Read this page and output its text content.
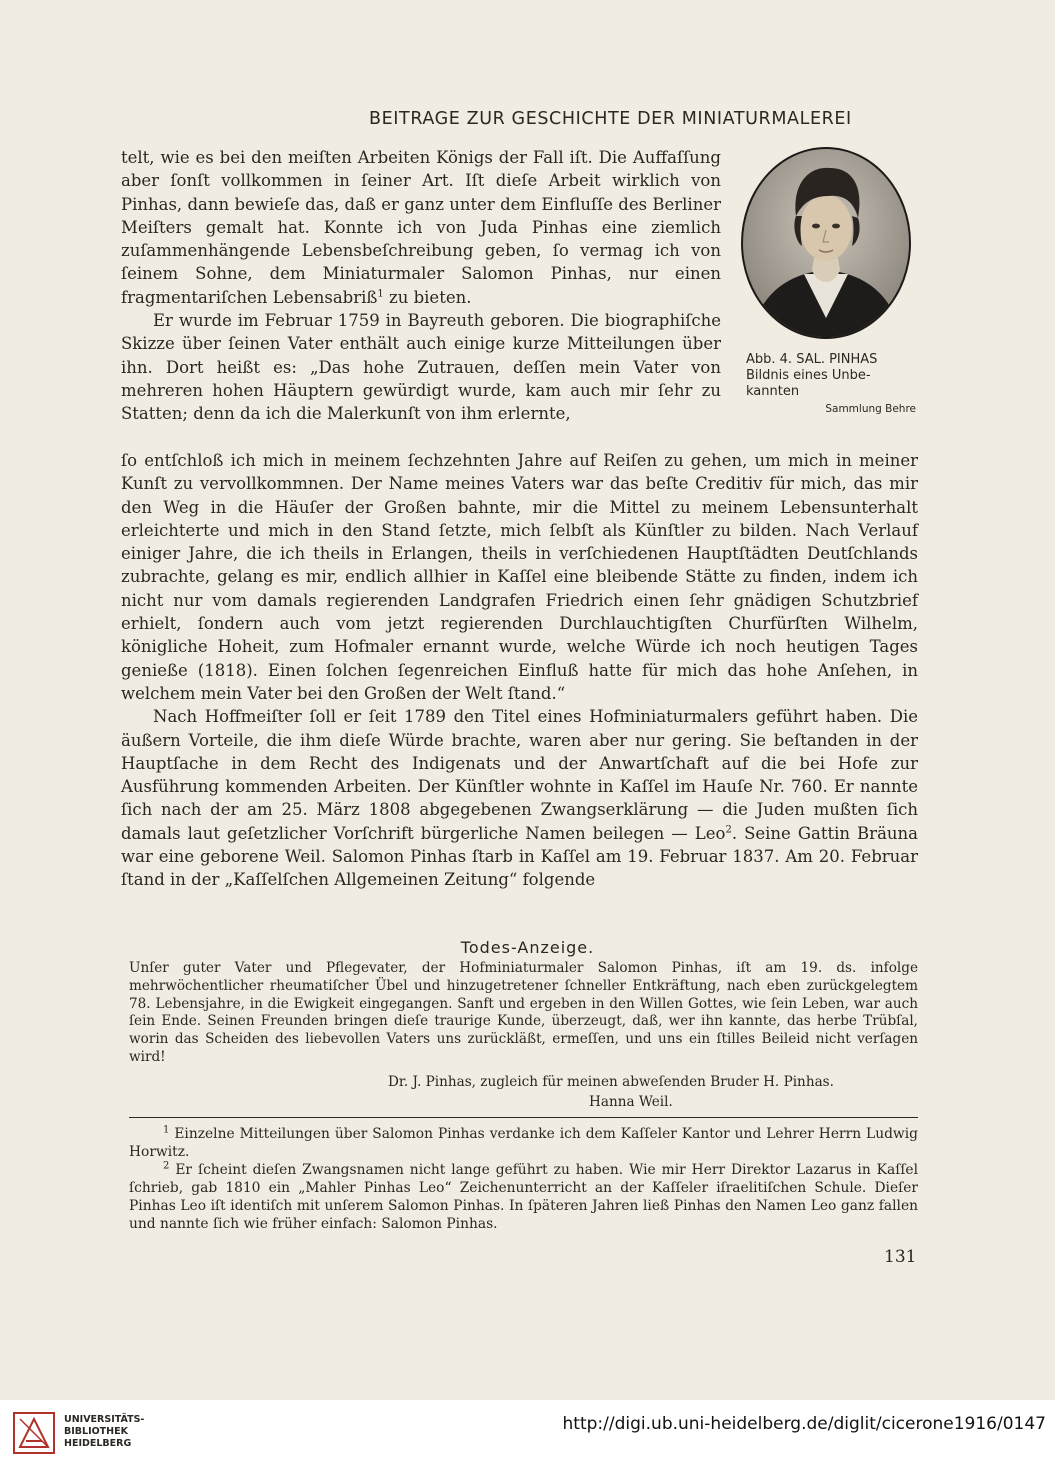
BEITRAGE ZUR GESCHICHTE DER MINIATURMALEREI
Abb. 4. SAL. PINHAS
Bildnis eines Unbe-
kannten
Sammlung Behre

telt, wie es bei den meiſten Arbeiten Königs der Fall iſt. Die Auffaſſung aber ſonſt vollkommen in ſeiner Art. Iſt dieſe Arbeit wirklich von Pinhas, dann bewieſe das, daß er ganz unter dem Einfluſſe des Berliner Meiſters gemalt hat. Konnte ich von Juda Pinhas eine ziemlich zuſammenhängende Lebensbeſchreibung geben, ſo vermag ich von ſeinem Sohne, dem Miniaturmaler Salomon Pinhas, nur einen fragmentariſchen Lebensabriß$^1$ zu bieten.

Er wurde im Februar 1759 in Bayreuth geboren. Die biographiſche Skizze über ſeinen Vater enthält auch einige kurze Mitteilungen über ihn. Dort heißt es: „Das hohe Zutrauen, deſſen mein Vater von mehreren hohen Häuptern gewürdigt wurde, kam auch mir ſehr zu Statten; denn da ich die Malerkunſt von ihm erlernte,

ſo entſchloß ich mich in meinem ſechzehnten Jahre auf Reiſen zu gehen, um mich in meiner Kunſt zu vervollkommnen. Der Name meines Vaters war das beſte Creditiv für mich, das mir den Weg in die Häuſer der Großen bahnte, mir die Mittel zu meinem Lebensunterhalt erleichterte und mich in den Stand ſetzte, mich ſelbſt als Künſtler zu bilden. Nach Verlauf einiger Jahre, die ich theils in Erlangen, theils in verſchiedenen Hauptſtädten Deutſchlands zubrachte, gelang es mir, endlich allhier in Kaſſel eine bleibende Stätte zu finden, indem ich nicht nur vom damals regierenden Landgrafen Friedrich einen ſehr gnädigen Schutzbrief erhielt, ſondern auch vom jetzt regierenden Durchlauchtigſten Churfürſten Wilhelm, königliche Hoheit, zum Hofmaler ernannt wurde, welche Würde ich noch heutigen Tages genieße (1818). Einen ſolchen ſegenreichen Einfluß hatte für mich das hohe Anſehen, in welchem mein Vater bei den Großen der Welt ſtand.“

Nach Hoffmeiſter ſoll er ſeit 1789 den Titel eines Hofminiaturmalers geführt haben. Die äußern Vorteile, die ihm dieſe Würde brachte, waren aber nur gering. Sie beſtanden in der Hauptſache in dem Recht des Indigenats und der Anwartſchaft auf die bei Hofe zur Ausführung kommenden Arbeiten. Der Künſtler wohnte in Kaſſel im Hauſe Nr. 760. Er nannte ſich nach der am 25. März 1808 abgegebenen Zwangserklärung — die Juden mußten ſich damals laut geſetzlicher Vorſchrift bürgerliche Namen beilegen — Leo$^2$. Seine Gattin Bräuna war eine geborene Weil. Salomon Pinhas ſtarb in Kaſſel am 19. Februar 1837. Am 20. Februar ſtand in der „Kaſſelſchen Allgemeinen Zeitung“ folgende

Todes-Anzeige.
Unſer guter Vater und Pflegevater, der Hofminiaturmaler Salomon Pinhas, iſt am 19. ds. infolge mehrwöchentlicher rheumatiſcher Übel und hinzugetretener ſchneller Entkräftung, nach eben zurückgelegtem 78. Lebensjahre, in die Ewigkeit eingegangen. Sanft und ergeben in den Willen Gottes, wie ſein Leben, war auch ſein Ende. Seinen Freunden bringen dieſe traurige Kunde, überzeugt, daß, wer ihn kannte, das herbe Trübſal, worin das Scheiden des liebevollen Vaters uns zurückläßt, ermeſſen, und uns ein ſtilles Beileid nicht verſagen wird!
Dr. J. Pinhas, zugleich für meinen abweſenden Bruder H. Pinhas.
Hanna Weil.

$^1$ Einzelne Mitteilungen über Salomon Pinhas verdanke ich dem Kaſſeler Kantor und Lehrer Herrn Ludwig Horwitz.

$^2$ Er ſcheint dieſen Zwangsnamen nicht lange geführt zu haben. Wie mir Herr Direktor Lazarus in Kaſſel ſchrieb, gab 1810 ein „Mahler Pinhas Leo“ Zeichenunterricht an der Kaſſeler iſraelitiſchen Schule. Dieſer Pinhas Leo iſt identiſch mit unſerem Salomon Pinhas. In ſpäteren Jahren ließ Pinhas den Namen Leo ganz fallen und nannte ſich wie früher einfach: Salomon Pinhas.

131
UNIVERSITÄTS-
BIBLIOTHEK
HEIDELBERG
http://digi.ub.uni-heidelberg.de/diglit/cicerone1916/0147
